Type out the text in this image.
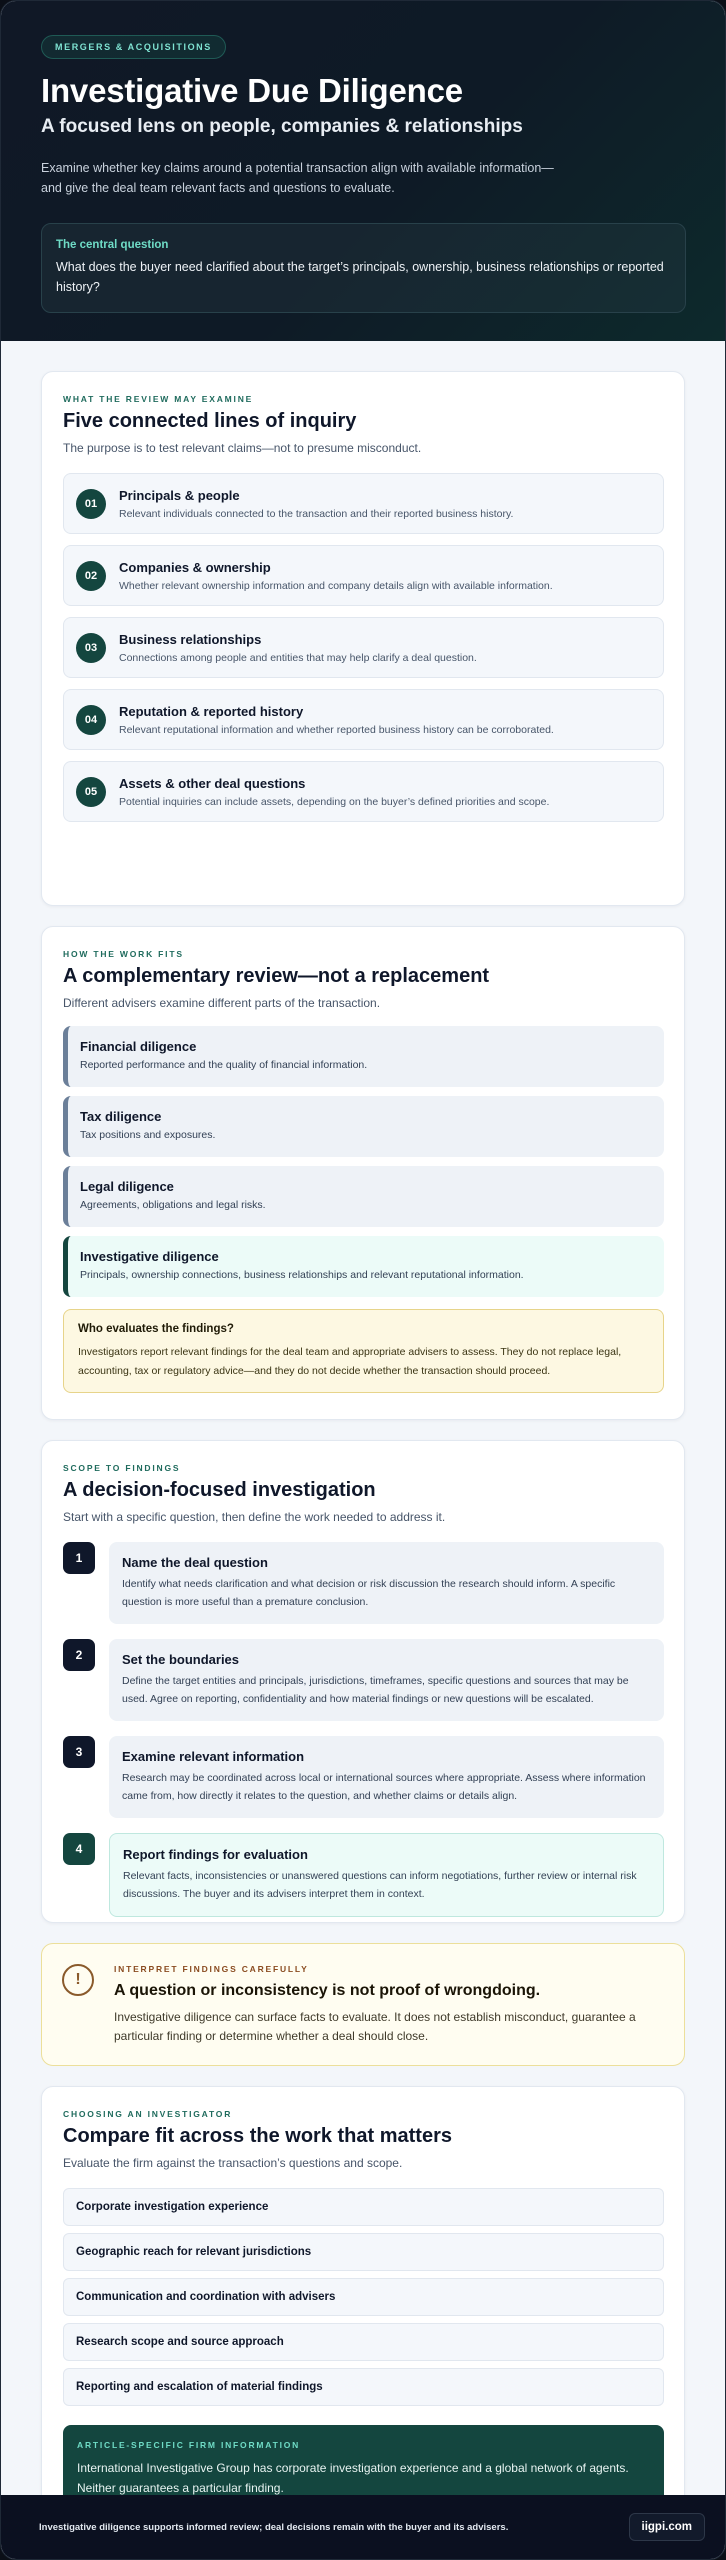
MERGERS & ACQUISITIONS
Investigative Due Diligence
A focused lens on people, companies & relationships

Examine whether key claims around a potential transaction align with available information—and give the deal team relevant facts and questions to evaluate.

The central question
What does the buyer need clarified about the target’s principals, ownership, business relationships or reported history?
WHAT THE REVIEW MAY EXAMINE
Five connected lines of inquiry
The purpose is to test relevant claims—not to presume misconduct.
01
Principals & people
Relevant individuals connected to the transaction and their reported business history.
02
Companies & ownership
Whether relevant ownership information and company details align with available information.
03
Business relationships
Connections among people and entities that may help clarify a deal question.
04
Reputation & reported history
Relevant reputational information and whether reported business history can be corroborated.
05
Assets & other deal questions
Potential inquiries can include assets, depending on the buyer’s defined priorities and scope.
HOW THE WORK FITS
A complementary review—not a replacement
Different advisers examine different parts of the transaction.
Financial diligence
Reported performance and the quality of financial information.
Tax diligence
Tax positions and exposures.
Legal diligence
Agreements, obligations and legal risks.
Investigative diligence
Principals, ownership connections, business relationships and relevant reputational information.
Who evaluates the findings?
Investigators report relevant findings for the deal team and appropriate advisers to assess. They do not replace legal, accounting, tax or regulatory advice—and they do not decide whether the transaction should proceed.
SCOPE TO FINDINGS
A decision-focused investigation
Start with a specific question, then define the work needed to address it.
1	Name the deal question
Identify what needs clarification and what decision or risk discussion the research should inform. A specific question is more useful than a premature conclusion.
2	Set the boundaries
Define the target entities and principals, jurisdictions, timeframes, specific questions and sources that may be used. Agree on reporting, confidentiality and how material findings or new questions will be escalated.
3	Examine relevant information
Research may be coordinated across local or international sources where appropriate. Assess where information came from, how directly it relates to the question, and whether claims or details align.
4	Report findings for evaluation
Relevant facts, inconsistencies or unanswered questions can inform negotiations, further review or internal risk discussions. The buyer and its advisers interpret them in context.
!
INTERPRET FINDINGS CAREFULLY
A question or inconsistency is not proof of wrongdoing.
Investigative diligence can surface facts to evaluate. It does not establish misconduct, guarantee a particular finding or determine whether a deal should close.
CHOOSING AN INVESTIGATOR
Compare fit across the work that matters
Evaluate the firm against the transaction’s questions and scope.
Corporate investigation experience
Geographic reach for relevant jurisdictions
Communication and coordination with advisers
Research scope and source approach
Reporting and escalation of material findings
ARTICLE-SPECIFIC FIRM INFORMATION
International Investigative Group has corporate investigation experience and a global network of agents. Neither guarantees a particular finding.
Investigative diligence supports informed review; deal decisions remain with the buyer and its advisers.	iigpi.com
